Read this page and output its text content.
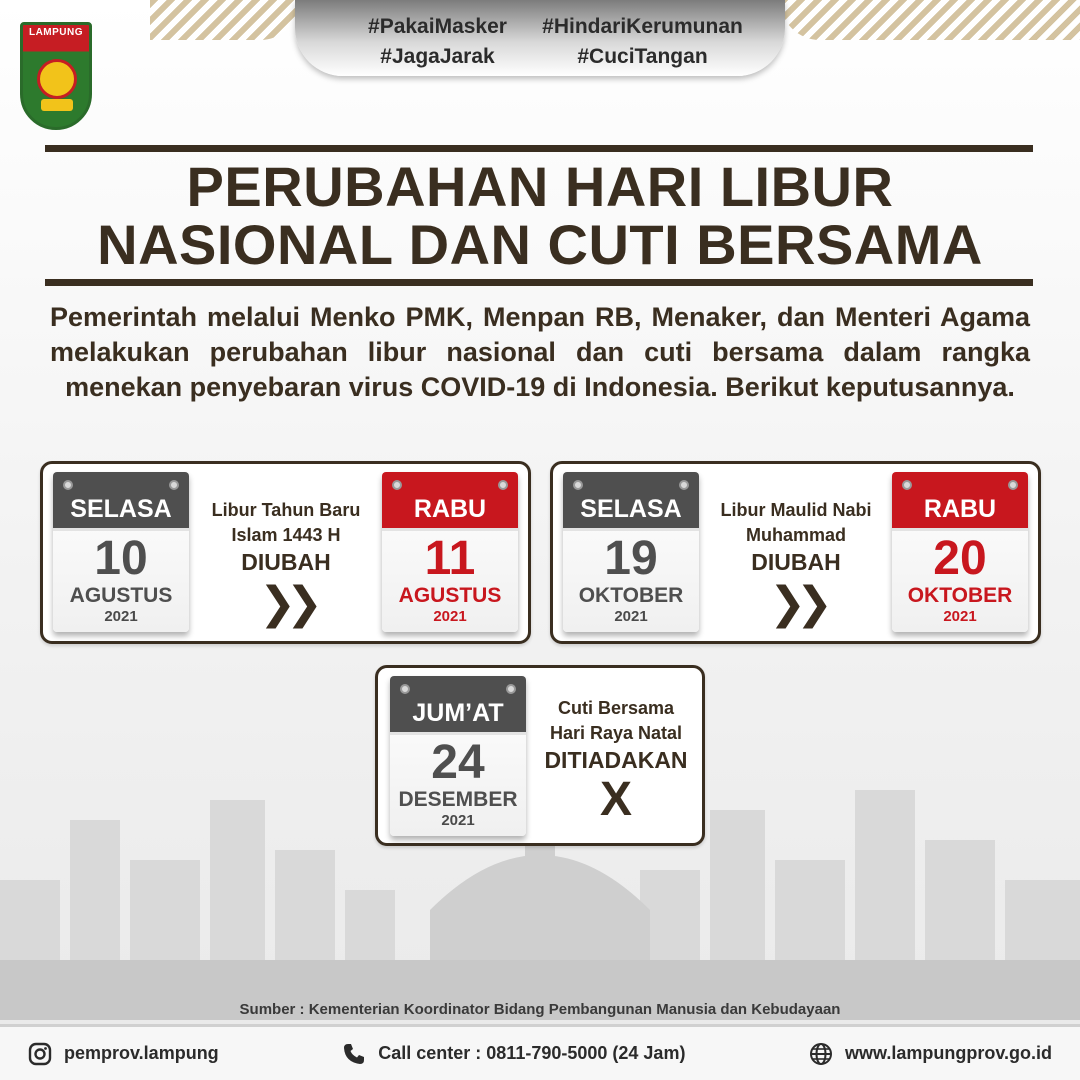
LAMPUNG	#PakaiMasker	#HindariKerumunan
#JagaJarak	#CuciTangan
PERUBAHAN HARI LIBUR
NASIONAL DAN CUTI BERSAMA

Pemerintah melalui Menko PMK, Menpan RB, Menaker, dan Menteri Agama melakukan perubahan libur nasional dan cuti bersama dalam rangka menekan penyebaran virus COVID-19 di Indonesia. Berikut keputusannya.

SELASA
10
AGUSTUS
2021
Libur Tahun Baru
Islam 1443 H
DIUBAH
❯❯
RABU
11
AGUSTUS
2021
SELASA
19
OKTOBER
2021
Libur Maulid Nabi
Muhammad
DIUBAH
❯❯
RABU
20
OKTOBER
2021
JUM’AT
24
DESEMBER
2021
Cuti Bersama
Hari Raya Natal
DITIADAKAN
X
Sumber : Kementerian Koordinator Bidang Pembangunan Manusia dan Kebudayaan
pemprov.lampung	Call center : 0811-790-5000 (24 Jam)	www.lampungprov.go.id
